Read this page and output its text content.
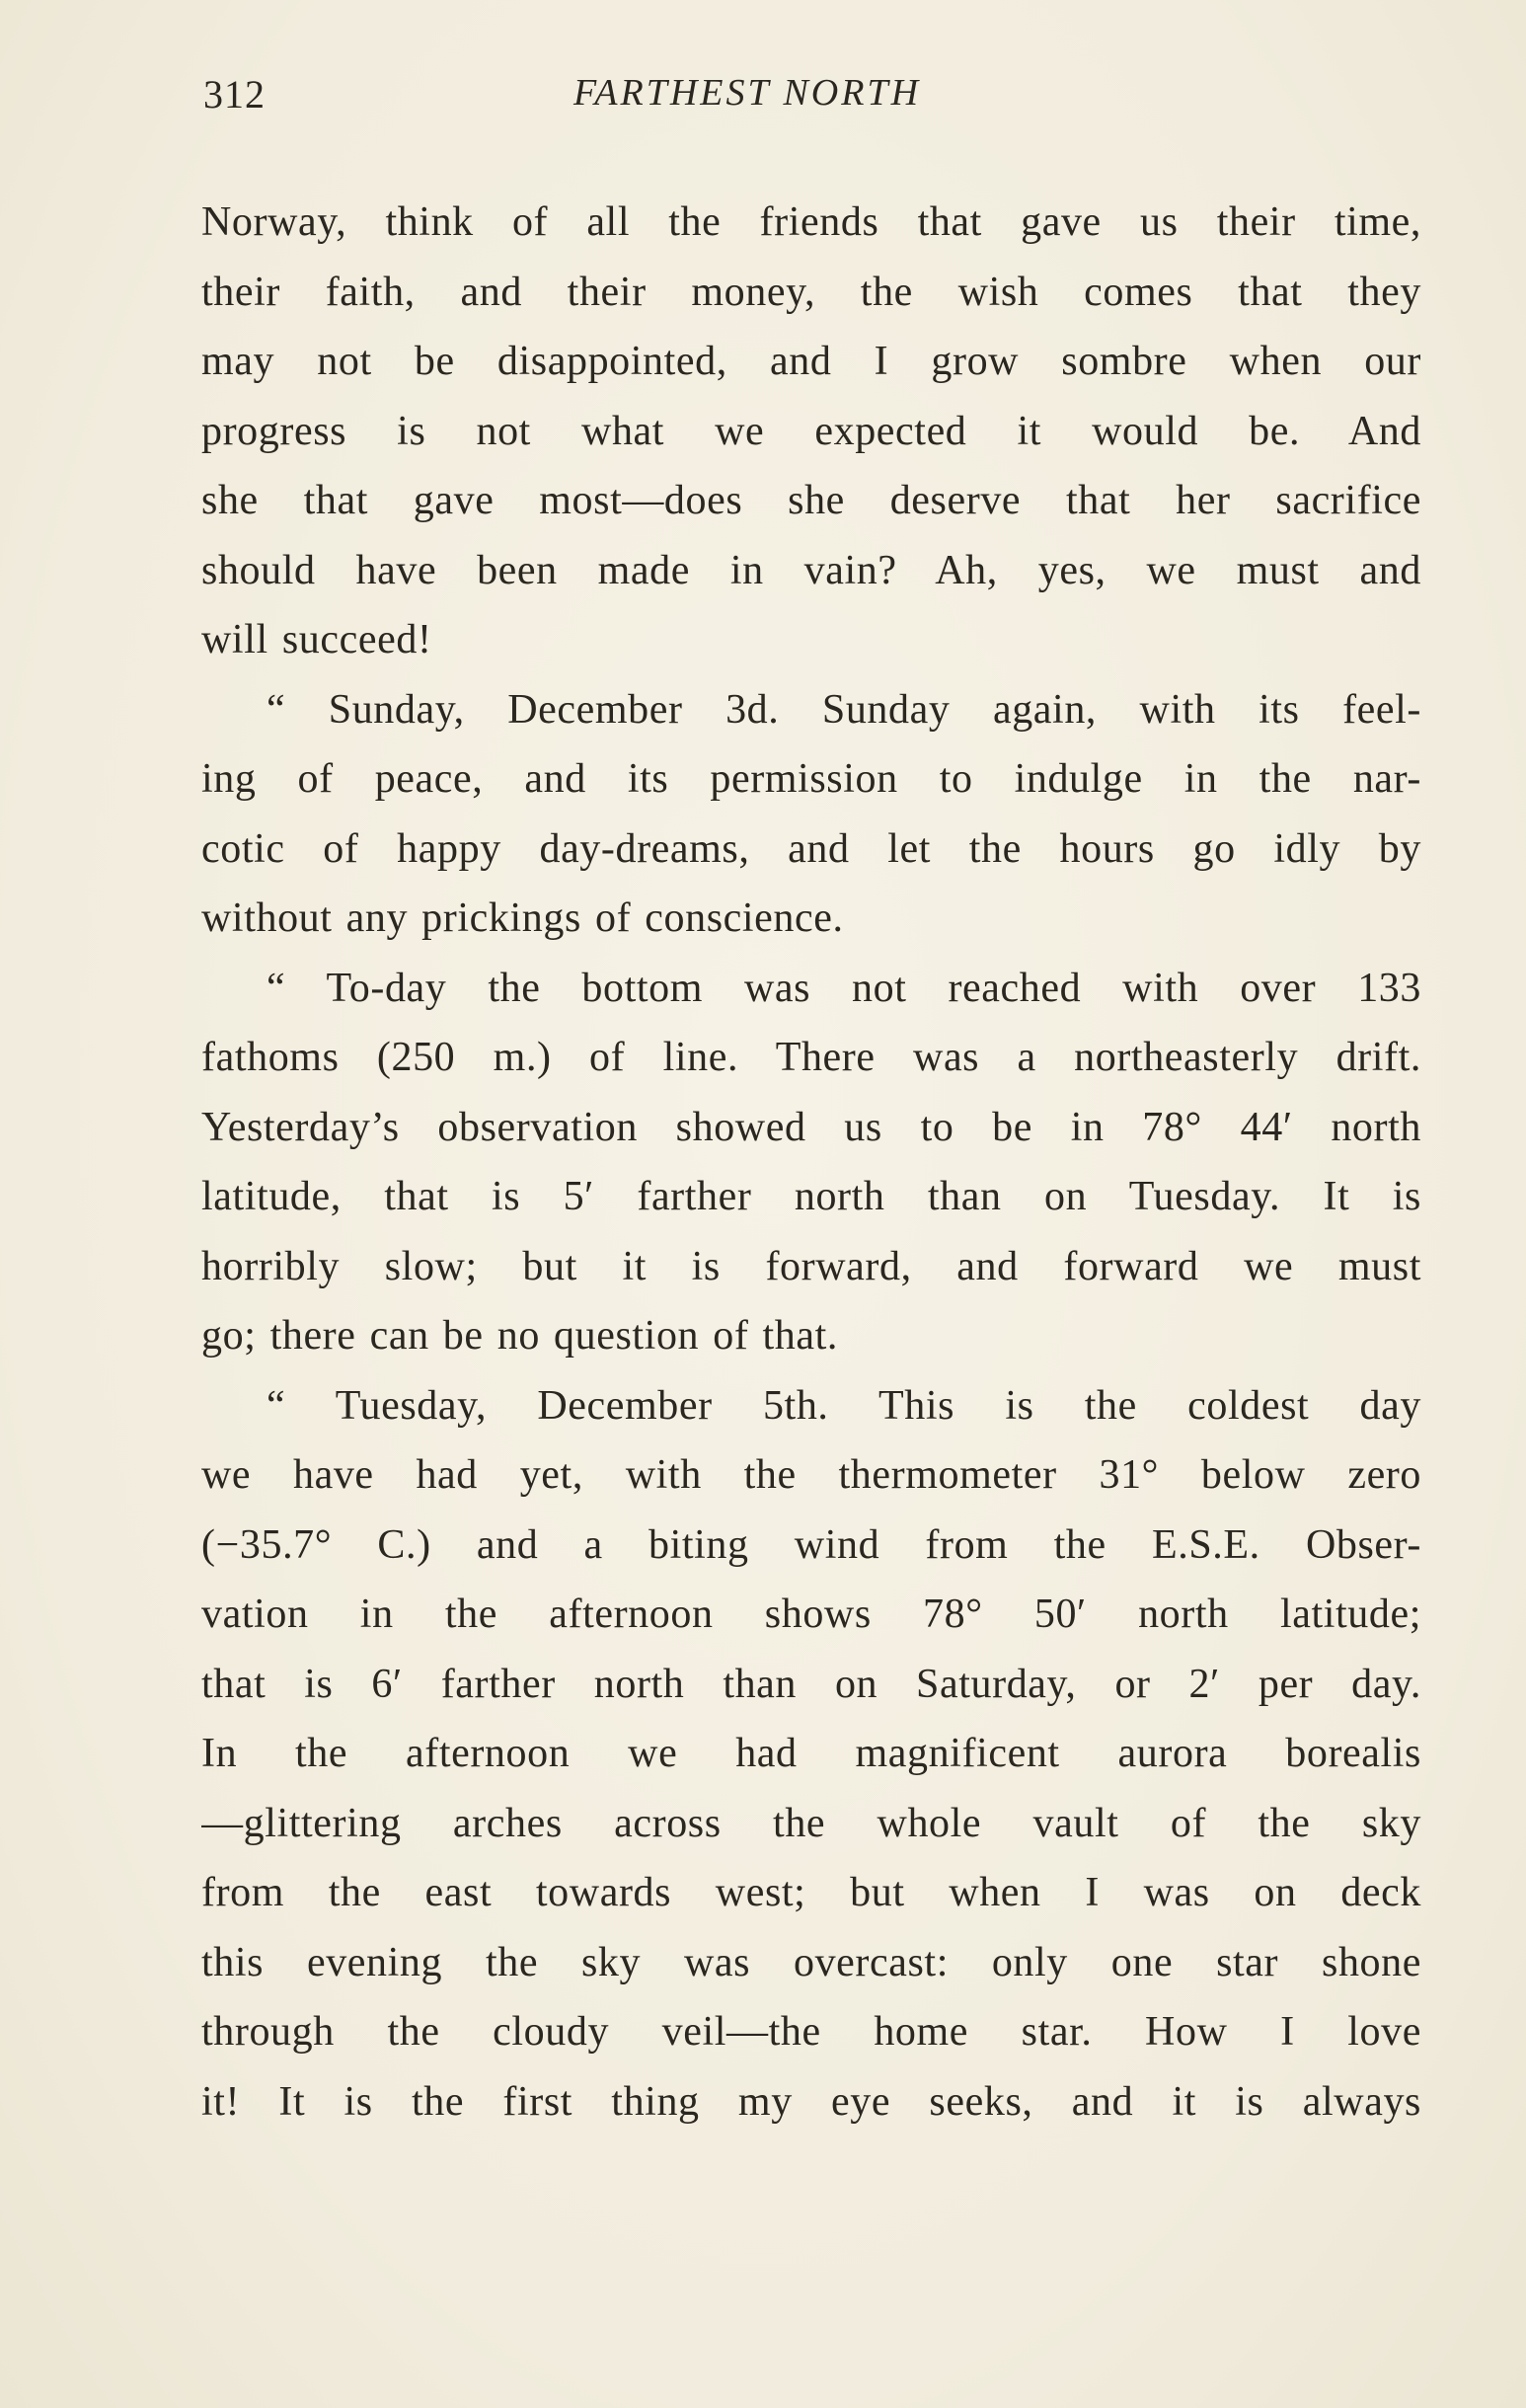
312	FARTHEST NORTH
Norway, think of all the friends that gave us their time,
their faith, and their money, the wish comes that they
may not be disappointed, and I grow sombre when our
progress is not what we expected it would be. And
she that gave most—does she deserve that her sacrifice
should have been made in vain? Ah, yes, we must and
will succeed!
“ Sunday, December 3d. Sunday again, with its feel-
ing of peace, and its permission to indulge in the nar-
cotic of happy day-dreams, and let the hours go idly by
without any prickings of conscience.
“ To-day the bottom was not reached with over 133
fathoms (250 m.) of line. There was a northeasterly drift.
Yesterday’s observation showed us to be in 78° 44′ north
latitude, that is 5′ farther north than on Tuesday. It is
horribly slow; but it is forward, and forward we must
go; there can be no question of that.
“ Tuesday, December 5th. This is the coldest day
we have had yet, with the thermometer 31° below zero
(−35.7° C.) and a biting wind from the E.S.E. Obser-
vation in the afternoon shows 78° 50′ north latitude;
that is 6′ farther north than on Saturday, or 2′ per day.
In the afternoon we had magnificent aurora borealis
—glittering arches across the whole vault of the sky
from the east towards west; but when I was on deck
this evening the sky was overcast: only one star shone
through the cloudy veil—the home star. How I love
it! It is the first thing my eye seeks, and it is always
